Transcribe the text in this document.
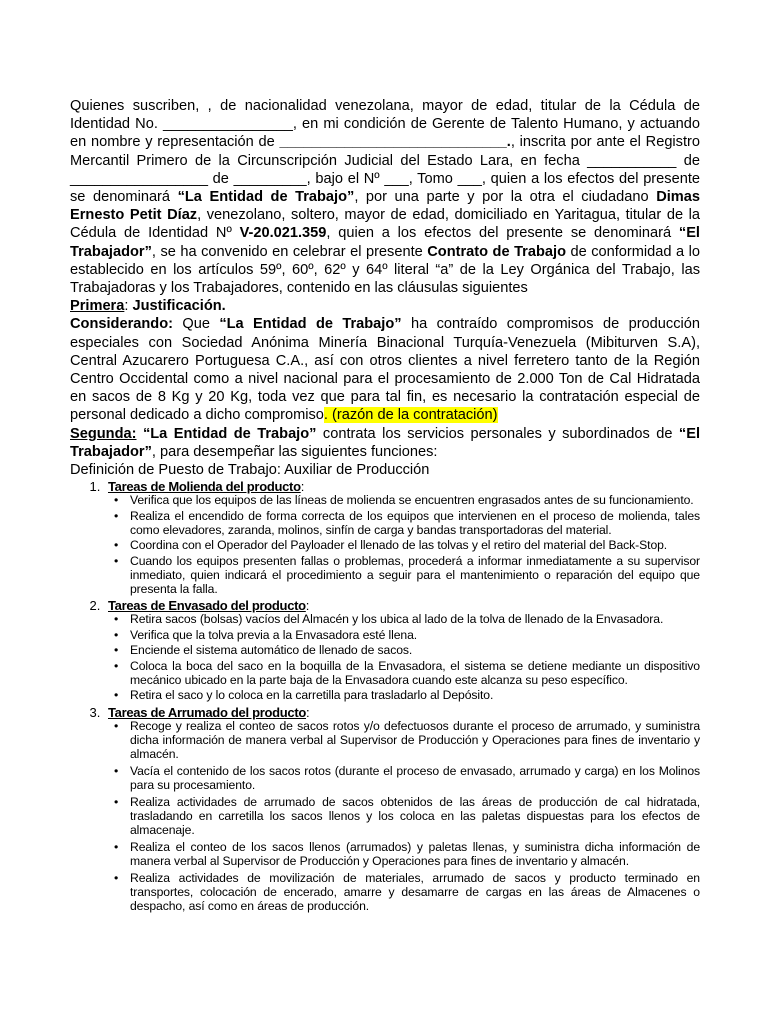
Quienes suscriben, , de nacionalidad venezolana, mayor de edad, titular de la Cédula de Identidad No. ________________, en mi condición de Gerente de Talento Humano, y actuando en nombre y representación de ____________________________., inscrita por ante el Registro Mercantil Primero de la Circunscripción Judicial del Estado Lara, en fecha ___________ de _________________ de _________, bajo el Nº ___, Tomo ___, quien a los efectos del presente se denominará “La Entidad de Trabajo”, por una parte y por la otra el ciudadano Dimas Ernesto Petit Díaz, venezolano, soltero, mayor de edad, domiciliado en Yaritagua, titular de la Cédula de Identidad Nº V-20.021.359, quien a los efectos del presente se denominará “El Trabajador”, se ha convenido en celebrar el presente Contrato de Trabajo de conformidad a lo establecido en los artículos 59º, 60º, 62º y 64º literal “a” de la Ley Orgánica del Trabajo, las Trabajadoras y los Trabajadores, contenido en las cláusulas siguientes

Primera: Justificación.

Considerando: Que “La Entidad de Trabajo” ha contraído compromisos de producción especiales con Sociedad Anónima Minería Binacional Turquía-Venezuela (Mibiturven S.A), Central Azucarero Portuguesa C.A., así con otros clientes a nivel ferretero tanto de la Región Centro Occidental como a nivel nacional para el procesamiento de 2.000 Ton de Cal Hidratada en sacos de 8 Kg y 20 Kg, toda vez que para tal fin, es necesario la contratación especial de personal dedicado a dicho compromiso. (razón de la contratación)

Segunda: “La Entidad de Trabajo” contrata los servicios personales y subordinados de “El Trabajador”, para desempeñar las siguientes funciones:

Definición de Puesto de Trabajo: Auxiliar de Producción

1. Tareas de Molienda del producto:
• Verifica que los equipos de las líneas de molienda se encuentren engrasados antes de su funcionamiento.
• Realiza el encendido de forma correcta de los equipos que intervienen en el proceso de molienda, tales como elevadores, zaranda, molinos, sinfín de carga y bandas transportadoras del material.
• Coordina con el Operador del Payloader el llenado de las tolvas y el retiro del material del Back-Stop.
• Cuando los equipos presenten fallas o problemas, procederá a informar inmediatamente a su supervisor inmediato, quien indicará el procedimiento a seguir para el mantenimiento o reparación del equipo que presenta la falla.
2. Tareas de Envasado del producto:
• Retira sacos (bolsas) vacíos del Almacén y los ubica al lado de la tolva de llenado de la Envasadora.
• Verifica que la tolva previa a la Envasadora esté llena.
• Enciende el sistema automático de llenado de sacos.
• Coloca la boca del saco en la boquilla de la Envasadora, el sistema se detiene mediante un dispositivo mecánico ubicado en la parte baja de la Envasadora cuando este alcanza su peso específico.
• Retira el saco y lo coloca en la carretilla para trasladarlo al Depósito.
3. Tareas de Arrumado del producto:
• Recoge y realiza el conteo de sacos rotos y/o defectuosos durante el proceso de arrumado, y suministra dicha información de manera verbal al Supervisor de Producción y Operaciones para fines de inventario y almacén.
• Vacía el contenido de los sacos rotos (durante el proceso de envasado, arrumado y carga) en los Molinos para su procesamiento.
• Realiza actividades de arrumado de sacos obtenidos de las áreas de producción de cal hidratada, trasladando en carretilla los sacos llenos y los coloca en las paletas dispuestas para los efectos de almacenaje.
• Realiza el conteo de los sacos llenos (arrumados) y paletas llenas, y suministra dicha información de manera verbal al Supervisor de Producción y Operaciones para fines de inventario y almacén.
• Realiza actividades de movilización de materiales, arrumado de sacos y producto terminado en transportes, colocación de encerado, amarre y desamarre de cargas en las áreas de Almacenes o despacho, así como en áreas de producción.
